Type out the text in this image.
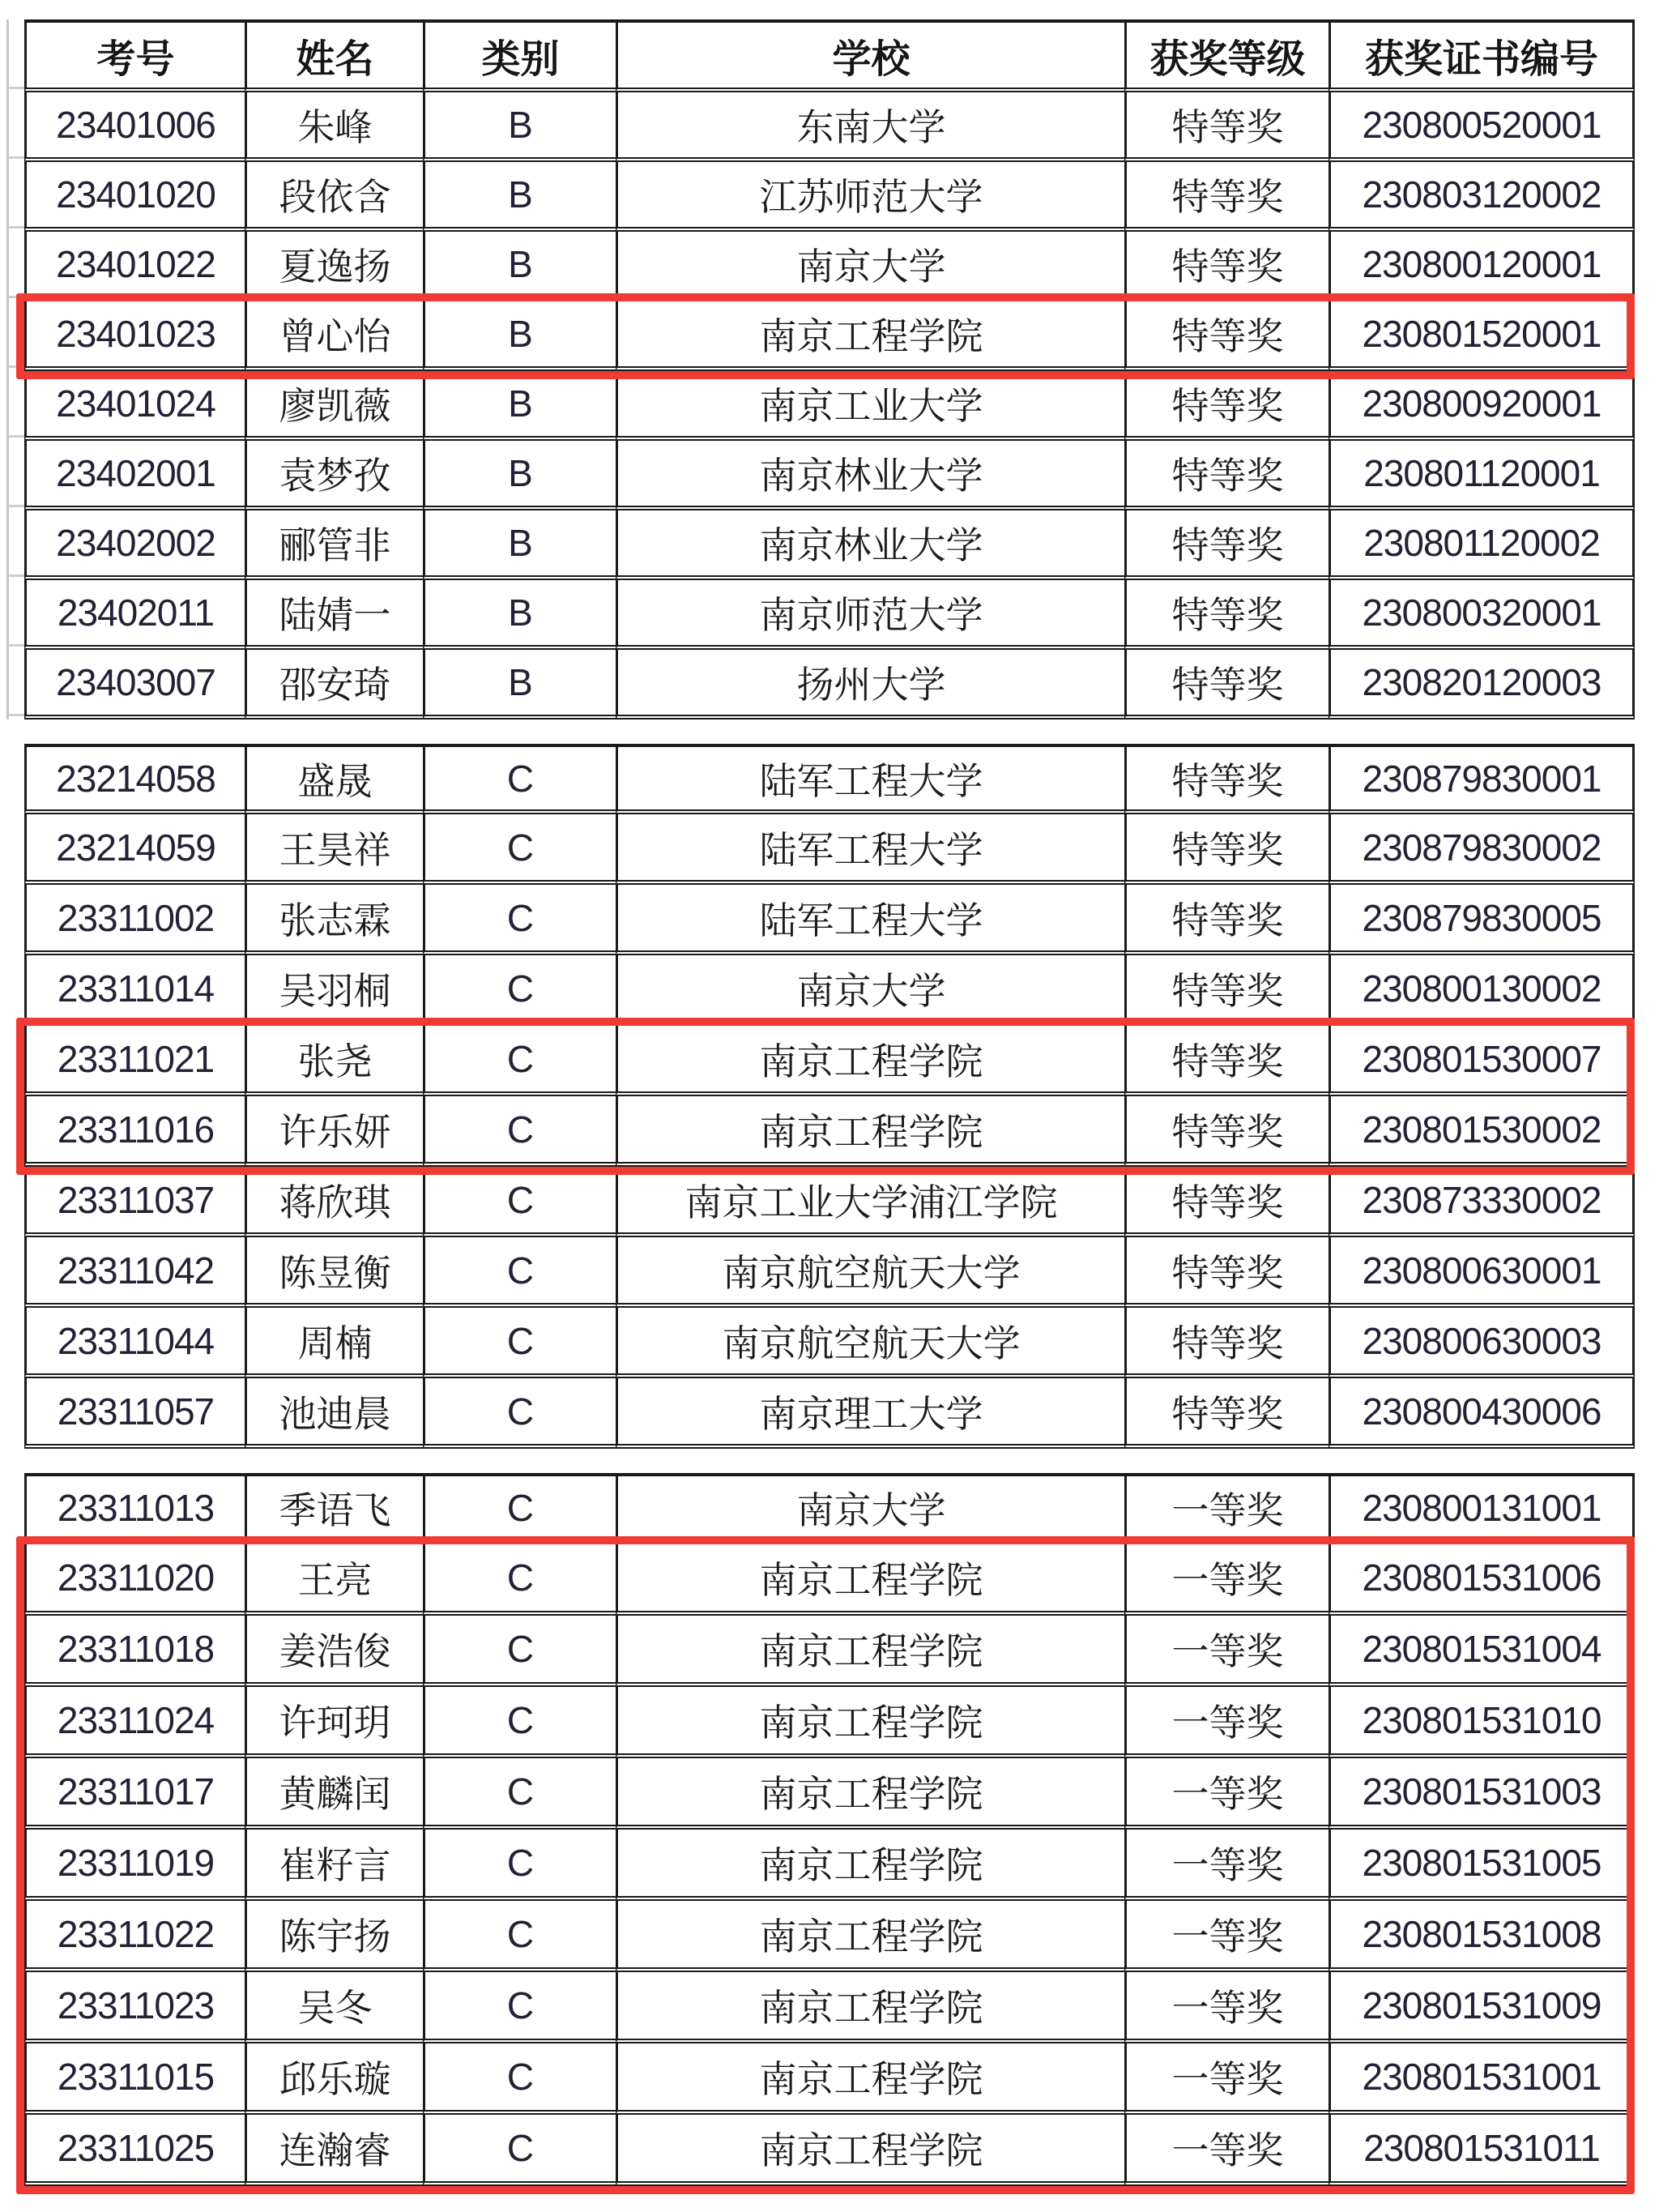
考号	姓名	类别	学校	获奖等级	获奖证书编号
23401006	朱峰	B	东南大学	特等奖	230800520001
23401020	段依含	B	江苏师范大学	特等奖	230803120002
23401022	夏逸扬	B	南京大学	特等奖	230800120001
23401023	曾心怡	B	南京工程学院	特等奖	230801520001
23401024	廖凯薇	B	南京工业大学	特等奖	230800920001
23402001	袁梦孜	B	南京林业大学	特等奖	230801120001
23402002	郦管非	B	南京林业大学	特等奖	230801120002
23402011	陆婧一	B	南京师范大学	特等奖	230800320001
23403007	邵安琦	B	扬州大学	特等奖	230820120003
23214058	盛晟	C	陆军工程大学	特等奖	230879830001
23214059	王昊祥	C	陆军工程大学	特等奖	230879830002
23311002	张志霖	C	陆军工程大学	特等奖	230879830005
23311014	吴羽桐	C	南京大学	特等奖	230800130002
23311021	张尧	C	南京工程学院	特等奖	230801530007
23311016	许乐妍	C	南京工程学院	特等奖	230801530002
23311037	蒋欣琪	C	南京工业大学浦江学院	特等奖	230873330002
23311042	陈昱衡	C	南京航空航天大学	特等奖	230800630001
23311044	周楠	C	南京航空航天大学	特等奖	230800630003
23311057	池迪晨	C	南京理工大学	特等奖	230800430006
23311013	季语飞	C	南京大学	一等奖	230800131001
23311020	王亮	C	南京工程学院	一等奖	230801531006
23311018	姜浩俊	C	南京工程学院	一等奖	230801531004
23311024	许珂玥	C	南京工程学院	一等奖	230801531010
23311017	黄麟闰	C	南京工程学院	一等奖	230801531003
23311019	崔籽言	C	南京工程学院	一等奖	230801531005
23311022	陈宇扬	C	南京工程学院	一等奖	230801531008
23311023	吴冬	C	南京工程学院	一等奖	230801531009
23311015	邱乐璇	C	南京工程学院	一等奖	230801531001
23311025	连瀚睿	C	南京工程学院	一等奖	230801531011
